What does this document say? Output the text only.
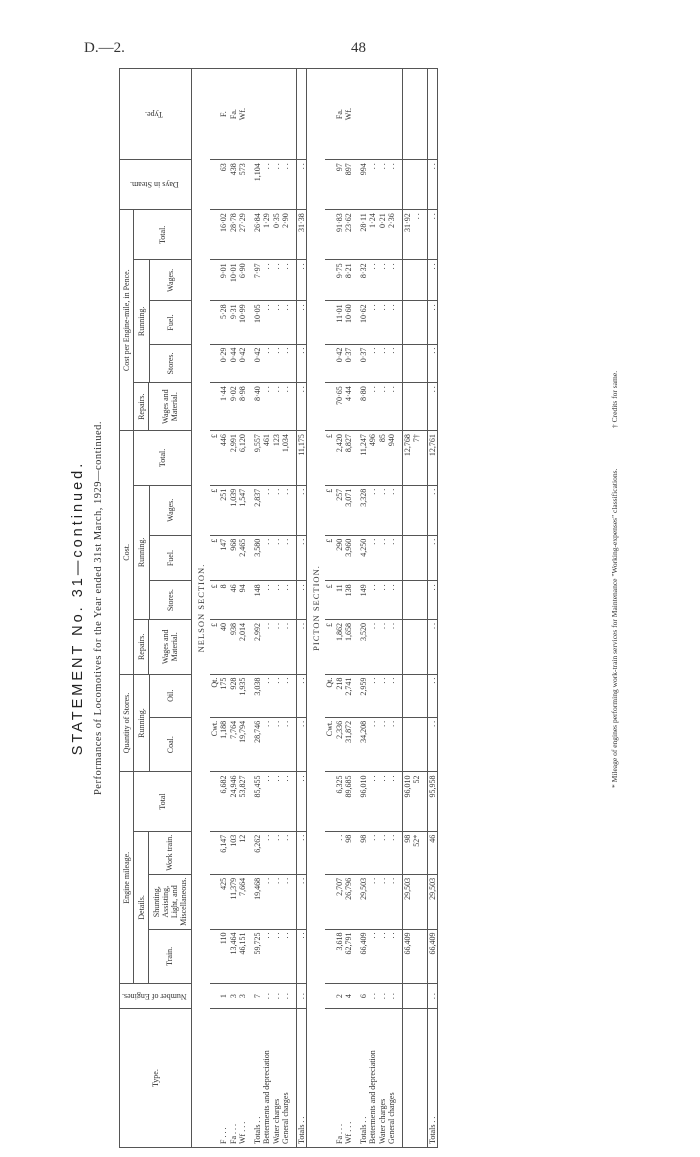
D.—2.	48
STATEMENT No. 31—continued. Performances of Locomotives for the Year ended 31st March, 1929—continued.
Type.	Number of Engines.	Engine mileage.				Quantity of Stores.		Cost.					Cost per Engine-mile, in Pence.					Days in Steam.	Type.
		Details.			Total	Running.		Repairs.	Running.			Total.	Repairs.	Running.			Total.		
		Train.	Shunting, Assisting, Light, and Miscellaneous.	Work train.				Wages and Material.					Wages and Material.						
						Coal.	Oil.		Stores.	Fuel.	Wages.			Stores.	Fuel.	Wages.			
NELSON SECTION.																			
						Cwt.	Qt.	£	£	£	£	£							
F . . .	1	110	425	6,147	6,682	1,188	175	40	8	147	251	446	1·44	0·29	5·28	9·01	16·02	63	F.
Fa . . .	3	13,464	11,379	103	24,946	7,764	928	938	46	968	1,039	2,991	9·02	0·44	9·31	10·01	28·78	438	Fa.
Wf . . .	3	46,151	7,664	12	53,827	19,794	1,935	2,014	94	2,465	1,547	6,120	8·98	0·42	10·99	6·90	27·29	573	Wf.

Totals . .	7	59,725	19,468	6,262	85,455	28,746	3,038	2,992	148	3,580	2,837	9,557	8·40	0·42	10·05	7·97	26·84	1,104	
Betterments and depreciation	. .	. .	. .	. .	. .	. .	. .	. .	. .	. .	. .	461	. .	. .	. .	. .	1·29	. .	
Water charges	. .	. .	. .	. .	. .	. .	. .	. .	. .	. .	. .	123	. .	. .	. .	. .	0·35	. .	
General charges	. .	. .	. .	. .	. .	. .	. .	. .	. .	. .	. .	1,034	. .	. .	. .	. .	2·90	. .	

Totals . .	. .	. .	. .	. .	. .	. .	. .	. .	. .	. .	. .	11,175	. .	. .	. .	. .	31·38	. .	
PICTON SECTION.																			
						Cwt.	Qt.	£	£	£	£	£							
Fa . . .	2	3,618	2,707	. .	6,325	2,336	218	1,862	11	290	257	2,420	70·65	0·42	11·01	9·75	91·83	97	Fa.
Wf . . .	4	62,791	26,796	98	89,685	31,872	2,741	1,658	138	3,960	3,071	8,827	4·44	0·37	10·60	8·21	23·62	897	Wf.

Totals . .	6	66,409	29,503	98	96,010	34,208	2,959	3,520	149	4,250	3,328	11,247	8·80	0·37	10·62	8·32	28·11	994	
Betterments and depreciation	. .	. .	. .	. .	. .	. .	. .	. .	. .	. .	. .	496	. .	. .	. .	. .	1·24	. .	
Water charges	. .	. .	. .	. .	. .	. .	. .	. .	. .	. .	. .	85	. .	. .	. .	. .	0·21	. .	
General charges	. .	. .	. .	. .	. .	. .	. .	. .	. .	. .	. .	940	. .	. .	. .	. .	2·36	. .	

		66,409	29,503	98	96,010							12,768					31·92		
				52*	52							7†					. .		

Totals . .	. .	66,409	29,503	46	95,958	. .	. .	. .	. .	. .	. .	12,761	. .	. .	. .	. .	. .	. .	
* Mileage of engines performing work-train services for Maintenance "Working-expenses" classifications.
† Credits for same.
